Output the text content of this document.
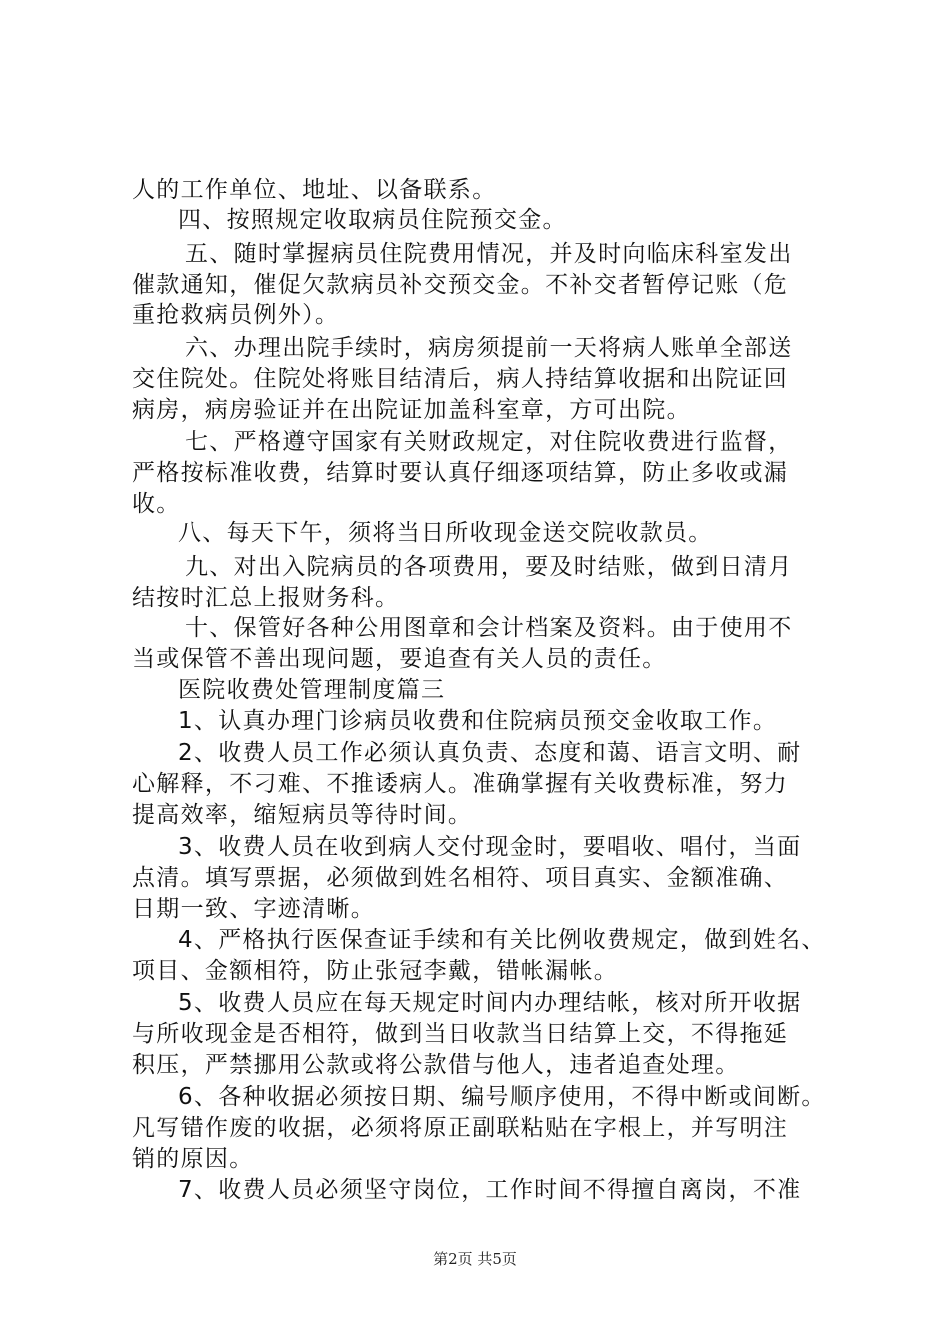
人的工作单位、地址、以备联系。
四、按照规定收取病员住院预交金。
五、随时掌握病员住院费用情况，并及时向临床科室发出
催款通知，催促欠款病员补交预交金。不补交者暂停记账（危
重抢救病员例外）。
六、办理出院手续时，病房须提前一天将病人账单全部送
交住院处。住院处将账目结清后，病人持结算收据和出院证回
病房，病房验证并在出院证加盖科室章，方可出院。
七、严格遵守国家有关财政规定，对住院收费进行监督，
严格按标准收费，结算时要认真仔细逐项结算，防止多收或漏
收。
八、每天下午，须将当日所收现金送交院收款员。
九、对出入院病员的各项费用，要及时结账，做到日清月
结按时汇总上报财务科。
十、保管好各种公用图章和会计档案及资料。由于使用不
当或保管不善出现问题，要追查有关人员的责任。
医院收费处管理制度篇三
1、认真办理门诊病员收费和住院病员预交金收取工作。
2、收费人员工作必须认真负责、态度和蔼、语言文明、耐
心解释，不刁难、不推诿病人。准确掌握有关收费标准，努力
提高效率，缩短病员等待时间。
3、收费人员在收到病人交付现金时，要唱收、唱付，当面
点清。填写票据，必须做到姓名相符、项目真实、金额准确、
日期一致、字迹清晰。
4、严格执行医保查证手续和有关比例收费规定，做到姓名、
项目、金额相符，防止张冠李戴，错帐漏帐。
5、收费人员应在每天规定时间内办理结帐，核对所开收据
与所收现金是否相符，做到当日收款当日结算上交，不得拖延
积压，严禁挪用公款或将公款借与他人，违者追查处理。
6、各种收据必须按日期、编号顺序使用，不得中断或间断。
凡写错作废的收据，必须将原正副联粘贴在字根上，并写明注
销的原因。
7、收费人员必须坚守岗位，工作时间不得擅自离岗，不准
第2页 共5页
